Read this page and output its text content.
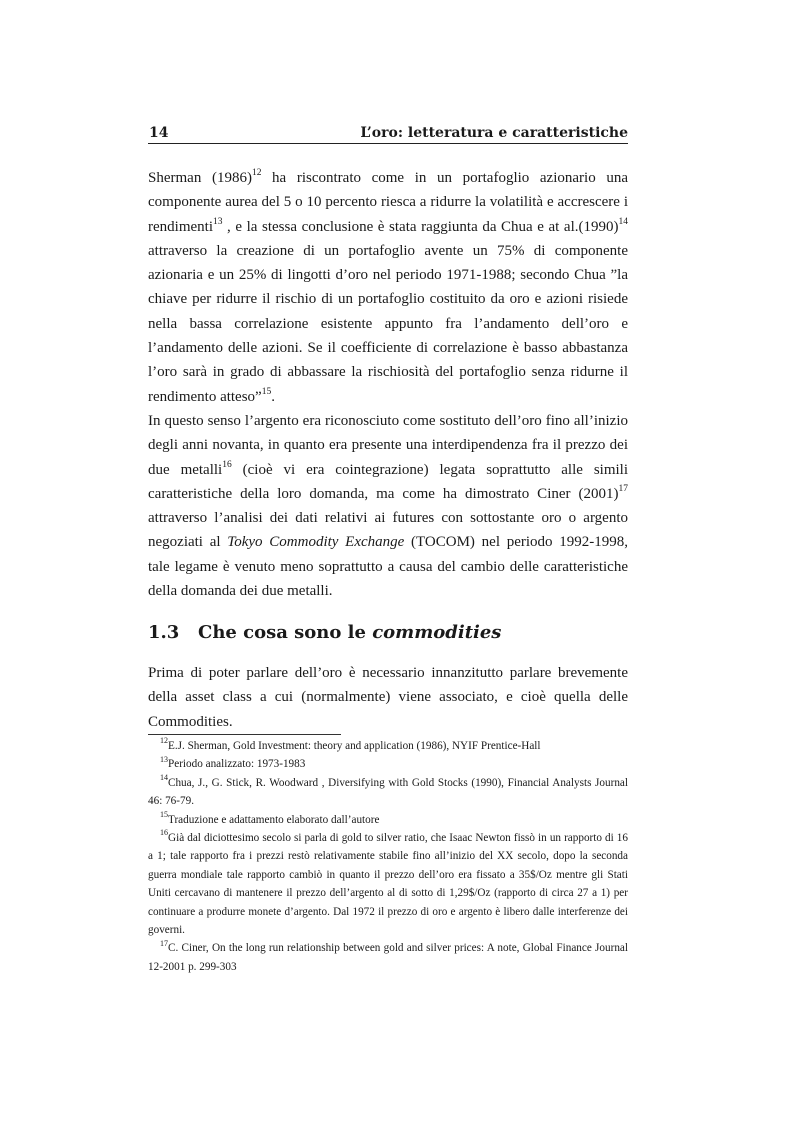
14	L’oro: letteratura e caratteristiche

Sherman $(1986)^{12}$ ha riscontrato come in un portafoglio azionario una componente aurea del 5 o 10 percento riesca a ridurre la volatilità e accrescere i rendimenti$^{13}$ , e la stessa conclusione è stata raggiunta da Chua e at $al.(1990)^{14}$ attraverso la creazione di un portafoglio avente un 75% di componente azionaria e un 25% di lingotti d’oro nel periodo 1971-1988; secondo Chua ”la chiave per ridurre il rischio di un portafoglio costituito da oro e azioni risiede nella bassa correlazione esistente appunto fra l’andamento dell’oro e l’andamento delle azioni. Se il coefficiente di correlazione è basso abbastanza l’oro sarà in grado di abbassare la rischiosità del portafoglio senza ridurne il rendimento atteso”$^{15}$.

In questo senso l’argento era riconosciuto come sostituto dell’oro fino all’inizio degli anni novanta, in quanto era presente una interdipendenza fra il prezzo dei due metalli$^{16}$ (cioè vi era cointegrazione) legata soprattutto alle simili caratteristiche della loro domanda, ma come ha dimostrato Ciner $(2001)^{17}$ attraverso l’analisi dei dati relativi ai futures con sottostante oro o argento negoziati al Tokyo Commodity Exchange (TOCOM) nel periodo 1992-1998, tale legame è venuto meno soprattutto a causa del cambio delle caratteristiche della domanda dei due metalli.

1.3 Che cosa sono le commodities

Prima di poter parlare dell’oro è necessario innanzitutto parlare brevemente della asset class a cui (normalmente) viene associato, e cioè quella delle Commodities.

$^{12}$E.J. Sherman, Gold Investment: theory and application (1986), NYIF Prentice-Hall

$^{13}$Periodo analizzato: 1973-1983

$^{14}$Chua, J., G. Stick, R. Woodward , Diversifying with Gold Stocks (1990), Financial Analysts Journal 46: 76-79.

$^{15}$Traduzione e adattamento elaborato dall’autore

$^{16}$Già dal diciottesimo secolo si parla di gold to silver ratio, che Isaac Newton fissò in un rapporto di 16 a 1; tale rapporto fra i prezzi restò relativamente stabile fino all’inizio del XX secolo, dopo la seconda guerra mondiale tale rapporto cambiò in quanto il prezzo dell’oro era fissato a 35$/Oz mentre gli Stati Uniti cercavano di mantenere il prezzo dell’argento al di sotto di 1,29$/Oz (rapporto di circa 27 a 1) per continuare a produrre monete d’argento. Dal 1972 il prezzo di oro e argento è libero dalle interferenze dei governi.

$^{17}$C. Ciner, On the long run relationship between gold and silver prices: A note, Global Finance Journal 12-2001 p. 299-303
